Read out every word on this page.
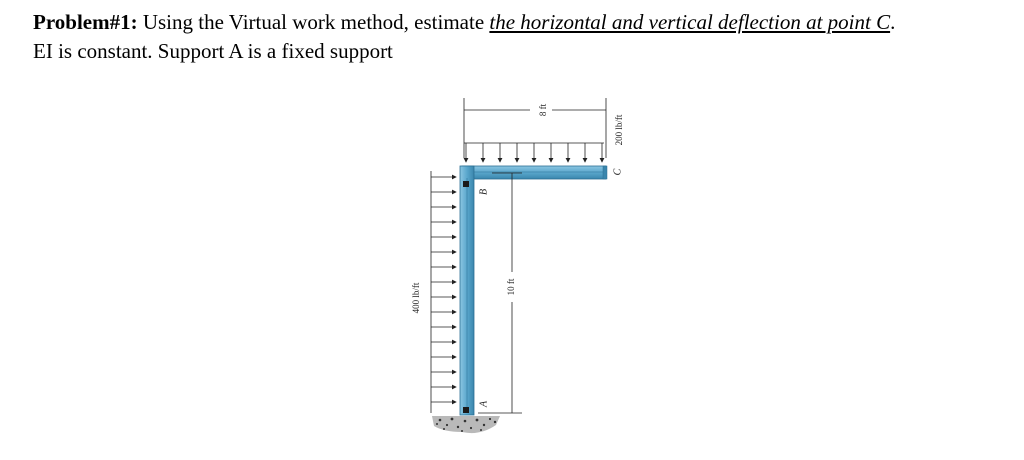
Problem#1: Using the Virtual work method, estimate the horizontal and vertical deflection at point C.
EI is constant. Support A is a fixed support
8 ft
200 lb/ft
400 lb/ft	10 ft
B
A
C
